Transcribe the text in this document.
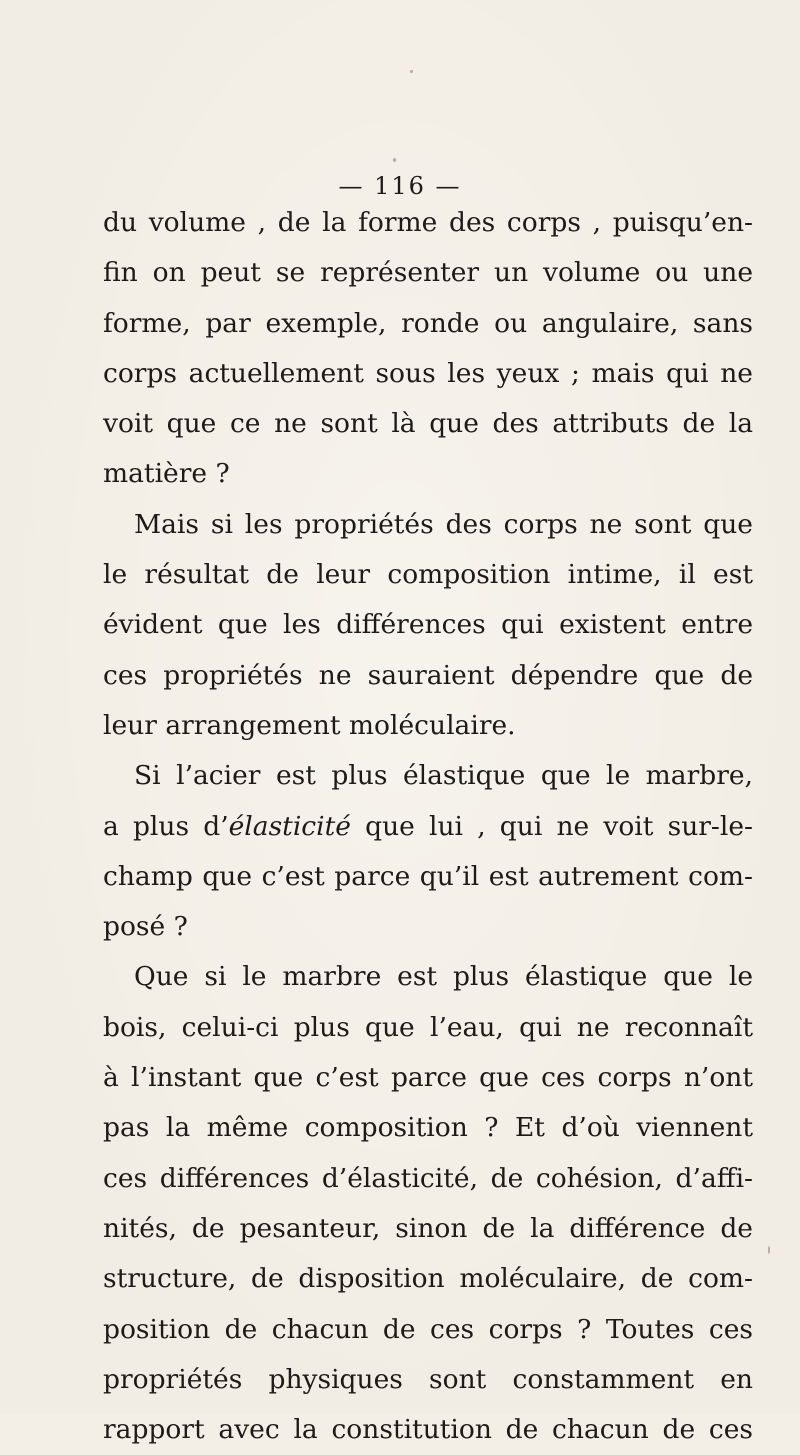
— 116 —
du volume , de la forme des corps , puisqu’en-
fin on peut se représenter un volume ou une
forme, par exemple, ronde ou angulaire, sans
corps actuellement sous les yeux ; mais qui ne
voit que ce ne sont là que des attributs de la
matière ?
Mais si les propriétés des corps ne sont que
le résultat de leur composition intime, il est
évident que les différences qui existent entre
ces propriétés ne sauraient dépendre que de
leur arrangement moléculaire.
Si l’acier est plus élastique que le marbre,
a plus d’élasticité que lui , qui ne voit sur-le-
champ que c’est parce qu’il est autrement com-
posé ?
Que si le marbre est plus élastique que le
bois, celui-ci plus que l’eau, qui ne reconnaît
à l’instant que c’est parce que ces corps n’ont
pas la même composition ? Et d’où viennent
ces différences d’élasticité, de cohésion, d’affi-
nités, de pesanteur, sinon de la différence de
structure, de disposition moléculaire, de com-
position de chacun de ces corps ? Toutes ces
propriétés physiques sont constamment en
rapport avec la constitution de chacun de ces
